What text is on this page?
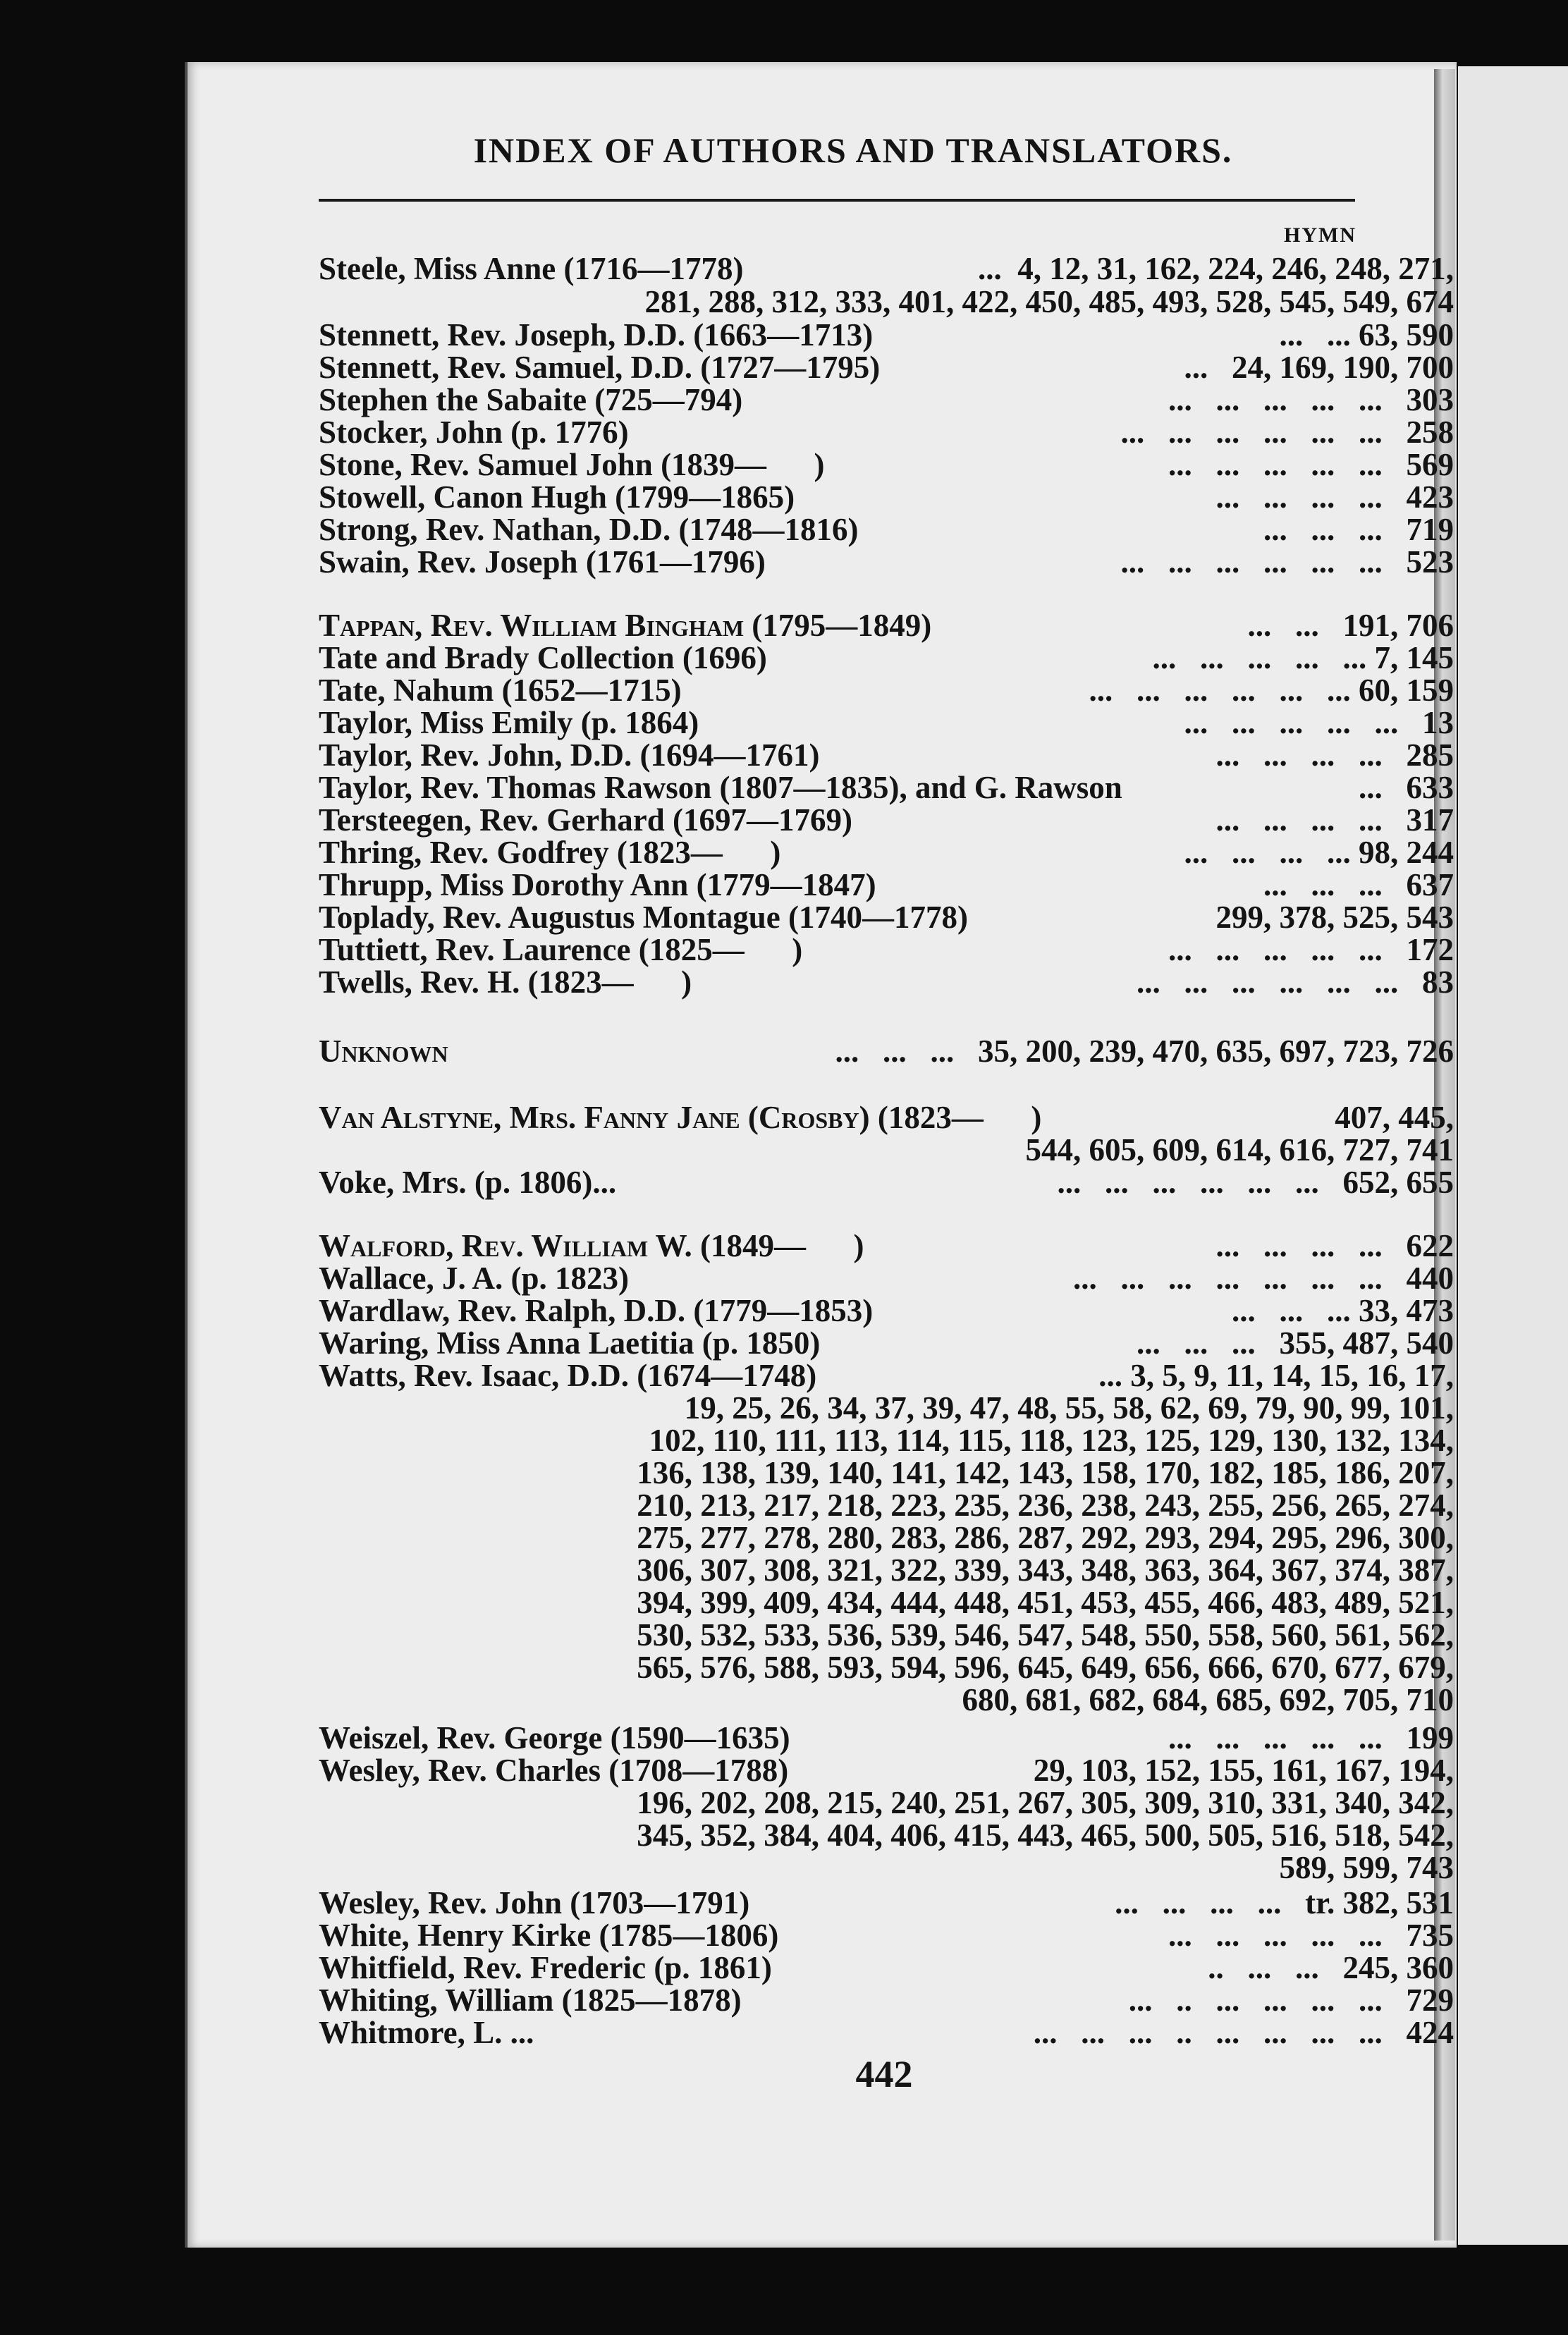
INDEX OF AUTHORS AND TRANSLATORS.
HYMN
Steele, Miss Anne (1716—1778)	...  4, 12, 31, 162, 224, 246, 248, 271,
281, 288, 312, 333, 401, 422, 450, 485, 493, 528, 545, 549, 674
Stennett, Rev. Joseph, D.D. (1663—1713)	...   ... 63, 590
Stennett, Rev. Samuel, D.D. (1727—1795)	...   24, 169, 190, 700
Stephen the Sabaite (725—794)	...   ...   ...   ...   ...   303
Stocker, John (p. 1776)	...   ...   ...   ...   ...   ...   258
Stone, Rev. Samuel John (1839—      )	...   ...   ...   ...   ...   569
Stowell, Canon Hugh (1799—1865)	...   ...   ...   ...   423
Strong, Rev. Nathan, D.D. (1748—1816)	...   ...   ...   719
Swain, Rev. Joseph (1761—1796)	...   ...   ...   ...   ...   ...   523
Tappan, Rev. William Bingham (1795—1849)	...   ...   191, 706
Tate and Brady Collection (1696)	...   ...   ...   ...   ... 7, 145
Tate, Nahum (1652—1715)	...   ...   ...   ...   ...   ... 60, 159
Taylor, Miss Emily (p. 1864)	...   ...   ...   ...   ...   13
Taylor, Rev. John, D.D. (1694—1761)	...   ...   ...   ...   285
Taylor, Rev. Thomas Rawson (1807—1835), and G. Rawson	...   633
Tersteegen, Rev. Gerhard (1697—1769)	...   ...   ...   ...   317
Thring, Rev. Godfrey (1823—      )	...   ...   ...   ... 98, 244
Thrupp, Miss Dorothy Ann (1779—1847)	...   ...   ...   637
Toplady, Rev. Augustus Montague (1740—1778)	299, 378, 525, 543
Tuttiett, Rev. Laurence (1825—      )	...   ...   ...   ...   ...   172
Twells, Rev. H. (1823—      )	...   ...   ...   ...   ...   ...   83
Unknown	...   ...   ...   35, 200, 239, 470, 635, 697, 723, 726
Van Alstyne, Mrs. Fanny Jane (Crosby) (1823—      )	407, 445,
544, 605, 609, 614, 616, 727, 741
Voke, Mrs. (p. 1806)...	...   ...   ...   ...   ...   ...   652, 655
Walford, Rev. William W. (1849—      )	...   ...   ...   ...   622
Wallace, J. A. (p. 1823)	...   ...   ...   ...   ...   ...   ...   440
Wardlaw, Rev. Ralph, D.D. (1779—1853)	...   ...   ... 33, 473
Waring, Miss Anna Laetitia (p. 1850)	...   ...   ...   355, 487, 540
Watts, Rev. Isaac, D.D. (1674—1748)	... 3, 5, 9, 11, 14, 15, 16, 17,
19, 25, 26, 34, 37, 39, 47, 48, 55, 58, 62, 69, 79, 90, 99, 101,
102, 110, 111, 113, 114, 115, 118, 123, 125, 129, 130, 132, 134,
136, 138, 139, 140, 141, 142, 143, 158, 170, 182, 185, 186, 207,
210, 213, 217, 218, 223, 235, 236, 238, 243, 255, 256, 265, 274,
275, 277, 278, 280, 283, 286, 287, 292, 293, 294, 295, 296, 300,
306, 307, 308, 321, 322, 339, 343, 348, 363, 364, 367, 374, 387,
394, 399, 409, 434, 444, 448, 451, 453, 455, 466, 483, 489, 521,
530, 532, 533, 536, 539, 546, 547, 548, 550, 558, 560, 561, 562,
565, 576, 588, 593, 594, 596, 645, 649, 656, 666, 670, 677, 679,
680, 681, 682, 684, 685, 692, 705, 710
Weiszel, Rev. George (1590—1635)	...   ...   ...   ...   ...   199
Wesley, Rev. Charles (1708—1788)	29, 103, 152, 155, 161, 167, 194,
196, 202, 208, 215, 240, 251, 267, 305, 309, 310, 331, 340, 342,
345, 352, 384, 404, 406, 415, 443, 465, 500, 505, 516, 518, 542,
589, 599, 743
Wesley, Rev. John (1703—1791)	...   ...   ...   ...   tr. 382, 531
White, Henry Kirke (1785—1806)	...   ...   ...   ...   ...   735
Whitfield, Rev. Frederic (p. 1861)	..   ...   ...   245, 360
Whiting, William (1825—1878)	...   ..   ...   ...   ...   ...   729
Whitmore, L. ...	...   ...   ...   ..   ...   ...   ...   ...   424
442
